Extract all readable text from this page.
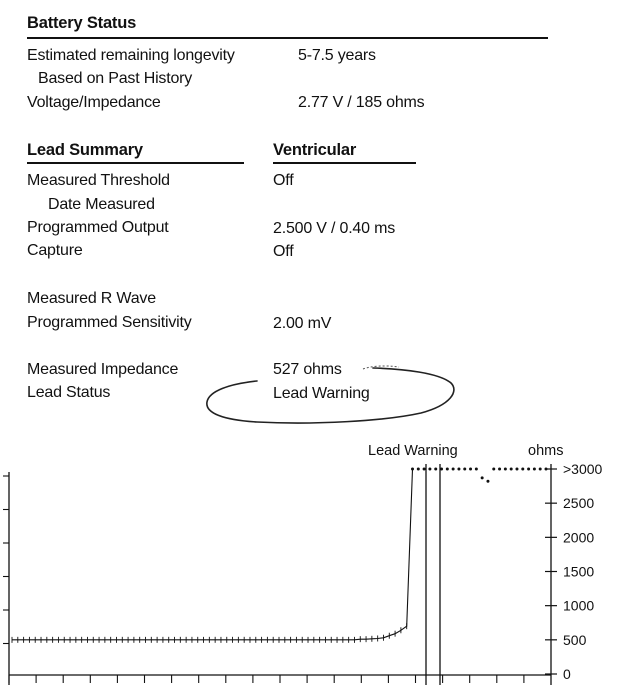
Battery Status
Estimated remaining longevity	5-7.5 years
Based on Past History
Voltage/Impedance	2.77 V / 185 ohms
Lead Summary	Ventricular
Measured Threshold	Off
Date Measured
Programmed Output	2.500 V / 0.40 ms
Capture	Off
Measured R Wave
Programmed Sensitivity	2.00 mV
Measured Impedance	527 ohms
Lead Status	Lead Warning
Lead Warning	ohms
>3000
2500
2000
1500
1000
500
0
